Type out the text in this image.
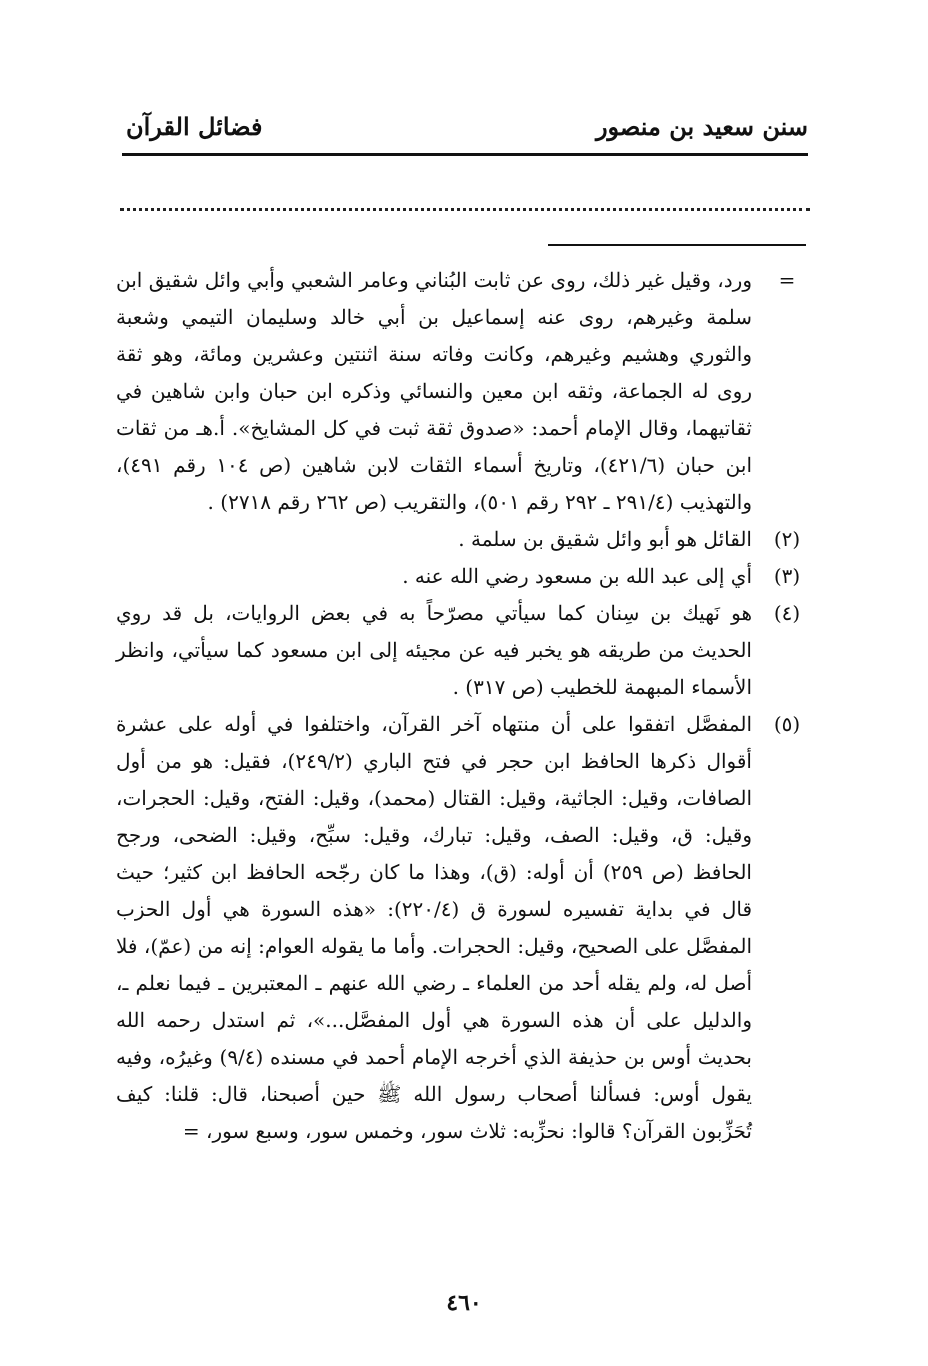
سنن سعيد بن منصور
فضائل القرآن
=
ورد، وقيل غير ذلك، روى عن ثابت البُناني وعامر الشعبي وأبي وائل شقيق ابن سلمة وغيرهم، روى عنه إسماعيل بن أبي خالد وسليمان التيمي وشعبة والثوري وهشيم وغيرهم، وكانت وفاته سنة اثنتين وعشرين ومائة، وهو ثقة روى له الجماعة، وثقه ابن معين والنسائي وذكره ابن حبان وابن شاهين في ثقاتيهما، وقال الإمام أحمد: «صدوق ثقة ثبت في كل المشايخ». أ.هـ من ثقات ابن حبان (٤٢١/٦)، وتاريخ أسماء الثقات لابن شاهين (ص ١٠٤ رقم ٤٩١)، والتهذيب (٢٩١/٤ ـ ٢٩٢ رقم ٥٠١)، والتقريب (ص ٢٦٢ رقم ٢٧١٨) .
(٢)
القائل هو أبو وائل شقيق بن سلمة .
(٣)
أي إلى عبد الله بن مسعود رضي الله عنه .
(٤)
هو نَهيك بن سِنان كما سيأتي مصرّحاً به في بعض الروايات، بل قد روي الحديث من طريقه هو يخبر فيه عن مجيئه إلى ابن مسعود كما سيأتي، وانظر الأسماء المبهمة للخطيب (ص ٣١٧) .
(٥)
المفصَّل اتفقوا على أن منتهاه آخر القرآن، واختلفوا في أوله على عشرة أقوال ذكرها الحافظ ابن حجر في فتح الباري (٢٤٩/٢)، فقيل: هو من أول الصافات، وقيل: الجاثية، وقيل: القتال (محمد)، وقيل: الفتح، وقيل: الحجرات، وقيل: ق، وقيل: الصف، وقيل: تبارك، وقيل: سبِّح، وقيل: الضحى، ورجح الحافظ (ص ٢٥٩) أن أوله: (ق)، وهذا ما كان رجّحه الحافظ ابن كثير؛ حيث قال في بداية تفسيره لسورة ق (٢٢٠/٤): «هذه السورة هي أول الحزب المفصَّل على الصحيح، وقيل: الحجرات. وأما ما يقوله العوام: إنه من (عمّ)، فلا أصل له، ولم يقله أحد من العلماء ـ رضي الله عنهم ـ المعتبرين ـ فيما نعلم ـ، والدليل على أن هذه السورة هي أول المفصَّل...»، ثم استدل رحمه الله بحديث أوس بن حذيفة الذي أخرجه الإمام أحمد في مسنده (٩/٤) وغيرُه، وفيه يقول أوس: فسألنا أصحاب رسول الله ﷺ حين أصبحنا، قال: قلنا: كيف تُحَزِّبون القرآن؟ قالوا: نحزِّبه: ثلاث سور، وخمس سور، وسبع سور، =
٤٦٠
